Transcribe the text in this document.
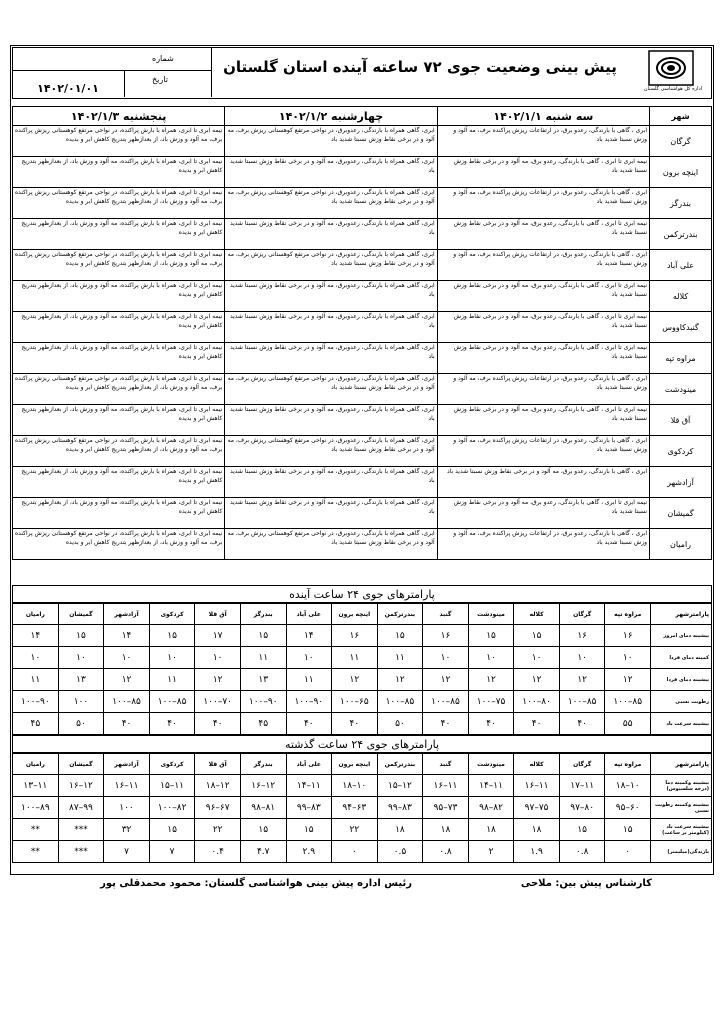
اداره کل هواشناسی گلستان
پیش بینی وضعیت جوی ۷۲ ساعته آینده استان گلستان
شماره
تاریخ
۱۴۰۲/۰۱/۰۱
شهر	سه شنبه ۱۴۰۲/۱/۱	چهارشنبه ۱۴۰۲/۱/۲	پنجشنبه ۱۴۰۲/۱/۳
گرگان	ابری ، گاهی با بارندگی، رعدو برق، در ارتفاعات ریزش پراکنده برف، مه آلود و وزش نسبتا شدید باد	ابری، گاهی همراه با بارندگی، رعدوبرق، در نواحی مرتفع کوهستانی ریزش برف، مه آلود و در برخی نقاط وزش نسبتا شدید باد	نیمه ابری تا ابری، همراه با بارش پراکنده، در نواحی مرتفع کوهستانی ریزش پراکنده برف، مه آلود و وزش باد، از بعدازظهر بتدریج کاهش ابر و بدیده
اینچه برون	نیمه ابری تا ابری ، گاهی با بارندگی، رعدو برق، مه آلود و در برخی نقاط وزش نسبتا شدید باد	ابری، گاهی همراه با بارندگی، رعدوبرق، مه آلود و در برخی نقاط وزش نسبتا شدید باد	نیمه ابری تا ابری، همراه با بارش پراکنده، مه آلود و وزش باد، از بعدازظهر بتدریج کاهش ابر و بدیده
بندرگز	ابری ، گاهی با بارندگی، رعدو برق، در ارتفاعات ریزش پراکنده برف، مه آلود و وزش نسبتا شدید باد	ابری، گاهی همراه با بارندگی، رعدوبرق، در نواحی مرتفع کوهستانی ریزش برف، مه آلود و در برخی نقاط وزش نسبتا شدید باد	نیمه ابری تا ابری، همراه با بارش پراکنده، در نواحی مرتفع کوهستانی ریزش پراکنده برف، مه آلود و وزش باد، از بعدازظهر بتدریج کاهش ابر و بدیده
بندرترکمن	نیمه ابری تا ابری ، گاهی با بارندگی، رعدو برق، مه آلود و در برخی نقاط وزش نسبتا شدید باد	ابری، گاهی همراه با بارندگی، رعدوبرق، مه آلود و در برخی نقاط وزش نسبتا شدید باد	نیمه ابری تا ابری، همراه با بارش پراکنده، مه آلود و وزش باد، از بعدازظهر بتدریج کاهش ابر و بدیده
علی آباد	ابری ، گاهی با بارندگی، رعدو برق، در ارتفاعات ریزش پراکنده برف، مه آلود و وزش نسبتا شدید باد	ابری، گاهی همراه با بارندگی، رعدوبرق، در نواحی مرتفع کوهستانی ریزش برف، مه آلود و در برخی نقاط وزش نسبتا شدید باد	نیمه ابری تا ابری، همراه با بارش پراکنده، در نواحی مرتفع کوهستانی ریزش پراکنده برف، مه آلود و وزش باد، از بعدازظهر بتدریج کاهش ابر و بدیده
کلاله	نیمه ابری تا ابری ، گاهی با بارندگی، رعدو برق، مه آلود و در برخی نقاط وزش نسبتا شدید باد	ابری، گاهی همراه با بارندگی، رعدوبرق، مه آلود و در برخی نقاط وزش نسبتا شدید باد	نیمه ابری تا ابری، همراه با بارش پراکنده، مه آلود و وزش باد، از بعدازظهر بتدریج کاهش ابر و بدیده
گنبدکاووس	نیمه ابری تا ابری ، گاهی با بارندگی، رعدو برق، مه آلود و در برخی نقاط وزش نسبتا شدید باد	ابری، گاهی همراه با بارندگی، رعدوبرق، مه آلود و در برخی نقاط وزش نسبتا شدید باد	نیمه ابری تا ابری، همراه با بارش پراکنده، مه آلود و وزش باد، از بعدازظهر بتدریج کاهش ابر و بدیده
مراوه تپه	نیمه ابری تا ابری ، گاهی با بارندگی، رعدو برق، مه آلود و در برخی نقاط وزش نسبتا شدید باد	ابری، گاهی همراه با بارندگی، رعدوبرق، مه آلود و در برخی نقاط وزش نسبتا شدید باد	نیمه ابری تا ابری، همراه با بارش پراکنده، مه آلود و وزش باد، از بعدازظهر بتدریج کاهش ابر و بدیده
مینودشت	ابری ، گاهی با بارندگی، رعدو برق، در ارتفاعات ریزش پراکنده برف، مه آلود و وزش نسبتا شدید باد	ابری، گاهی همراه با بارندگی، رعدوبرق، در نواحی مرتفع کوهستانی ریزش برف، مه آلود و در برخی نقاط وزش نسبتا شدید باد	نیمه ابری تا ابری، همراه با بارش پراکنده، در نواحی مرتفع کوهستانی ریزش پراکنده برف، مه آلود و وزش باد، از بعدازظهر بتدریج کاهش ابر و بدیده
آق قلا	نیمه ابری تا ابری ، گاهی با بارندگی، رعدو برق، مه آلود و در برخی نقاط وزش نسبتا شدید باد	ابری، گاهی همراه با بارندگی، رعدوبرق، مه آلود و در برخی نقاط وزش نسبتا شدید باد	نیمه ابری تا ابری، همراه با بارش پراکنده، مه آلود و وزش باد، از بعدازظهر بتدریج کاهش ابر و بدیده
کردکوی	ابری ، گاهی با بارندگی، رعدو برق، در ارتفاعات ریزش پراکنده برف، مه آلود و وزش نسبتا شدید باد	ابری، گاهی همراه با بارندگی، رعدوبرق، در نواحی مرتفع کوهستانی ریزش برف، مه آلود و در برخی نقاط وزش نسبتا شدید باد	نیمه ابری تا ابری، همراه با بارش پراکنده، در نواحی مرتفع کوهستانی ریزش پراکنده برف، مه آلود و وزش باد، از بعدازظهر بتدریج کاهش ابر و بدیده
آزادشهر	ابری ، گاهی با بارندگی، رعدو برق، مه آلود و در برخی نقاط وزش نسبتا شدید باد	ابری، گاهی همراه با بارندگی، رعدوبرق، مه آلود و در برخی نقاط وزش نسبتا شدید باد	نیمه ابری تا ابری، همراه با بارش پراکنده، مه آلود و وزش باد، از بعدازظهر بتدریج کاهش ابر و بدیده
گمیشان	نیمه ابری تا ابری ، گاهی با بارندگی، رعدو برق، مه آلود و در برخی نقاط وزش نسبتا شدید باد	ابری، گاهی همراه با بارندگی، رعدوبرق، مه آلود و در برخی نقاط وزش نسبتا شدید باد	نیمه ابری تا ابری، همراه با بارش پراکنده، مه آلود و وزش باد، از بعدازظهر بتدریج کاهش ابر و بدیده
رامیان	ابری ، گاهی با بارندگی، رعدو برق، در ارتفاعات ریزش پراکنده برف، مه آلود و وزش نسبتا شدید باد	ابری، گاهی همراه با بارندگی، رعدوبرق، در نواحی مرتفع کوهستانی ریزش برف، مه آلود و در برخی نقاط وزش نسبتا شدید باد	نیمه ابری تا ابری، همراه با بارش پراکنده، در نواحی مرتفع کوهستانی ریزش پراکنده برف، مه آلود و وزش باد، از بعدازظهر بتدریج کاهش ابر و بدیده
پارامترهای جوی ۲۴ ساعت آینده
پارامترشهر	مراوه تپه	گرگان	کلاله	مینودشت	گنبد	بندرترکمن	اینچه برون	علی آباد	بندرگز	آق قلا	کردکوی	آزادشهر	گمیشان	رامیان
بیشینه دمای امروز	۱۶	۱۶	۱۵	۱۵	۱۶	۱۵	۱۶	۱۴	۱۵	۱۷	۱۵	۱۴	۱۵	۱۴
کمینه دمای فردا	۱۰	۱۰	۱۰	۱۰	۱۰	۱۱	۱۱	۱۰	۱۱	۱۰	۱۰	۱۰	۱۰	۱۰
بیشینه دمای فردا	۱۲	۱۲	۱۲	۱۲	۱۲	۱۲	۱۲	۱۱	۱۳	۱۲	۱۱	۱۲	۱۳	۱۱
رطوبت نسبی	۸۵–۱۰۰	۸۵–۱۰۰	۸۰–۱۰۰	۷۵–۱۰۰	۸۵–۱۰۰	۸۵–۱۰۰	۶۵–۱۰۰	۹۰–۱۰۰	۹۰–۱۰۰	۷۰–۱۰۰	۸۵–۱۰۰	۸۵–۱۰۰	۱۰۰	۹۰–۱۰۰
بیشینه سرعت باد	۵۵	۴۰	۴۰	۴۰	۴۰	۵۰	۴۰	۴۰	۴۵	۴۰	۴۰	۴۰	۵۰	۴۵
پارامترهای جوی ۲۴ ساعت گذشته
پارامترشهر	مراوه تپه	گرگان	کلاله	مینودشت	گنبد	بندرترکمن	اینچه برون	علی آباد	بندرگز	آق قلا	کردکوی	آزادشهر	گمیشان	رامیان
بیشینه وکمینه دما (درجه سلسیوس)	۱۰–۱۸	۱۱–۱۷	۱۱–۱۶	۱۱–۱۴	۱۱–۱۶	۱۲–۱۵	۱۰–۱۸	۱۱–۱۴	۱۲–۱۶	۱۲–۱۸	۱۱–۱۵	۱۱–۱۶	۱۲–۱۶	۱۱–۱۳
بیشینه وکمینه رطوبت نسبی	۶۰–۹۵	۸۰–۹۷	۷۵–۹۷	۸۲–۹۸	۷۳–۹۵	۸۳–۹۹	۶۳–۹۴	۸۳–۹۹	۸۱–۹۸	۶۷–۹۶	۸۲–۱۰۰	۱۰۰	۹۹–۸۷	۸۹–۱۰۰
بیشینه سرعت باد (کیلومتر بر ساعت)	۱۵	۱۵	۱۸	۱۸	۱۸	۱۸	۲۲	۱۵	۱۵	۲۲	۱۵	۳۲	***	**
بارندگی(میلیمتر)	۰	۰.۸	۱.۹	۲	۰.۸	۰.۵	۰	۲.۹	۴.۷	۰.۴	۷	۷	***	**
کارشناس پیش بین: ملاحی
رئیس اداره پیش بینی هواشناسی گلستان: محمود محمدقلی پور
